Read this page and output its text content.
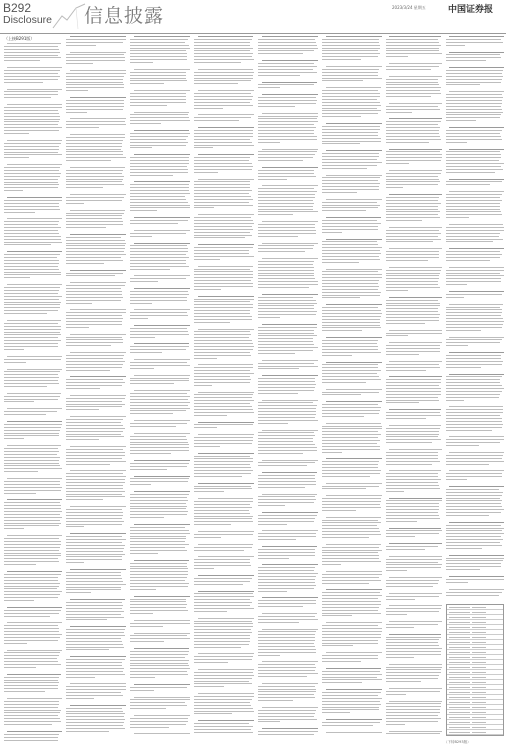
B292
Disclosure 信息披露	2023/3/24 星期五 中国证券报
（上接B291版）
（下转B293版）
